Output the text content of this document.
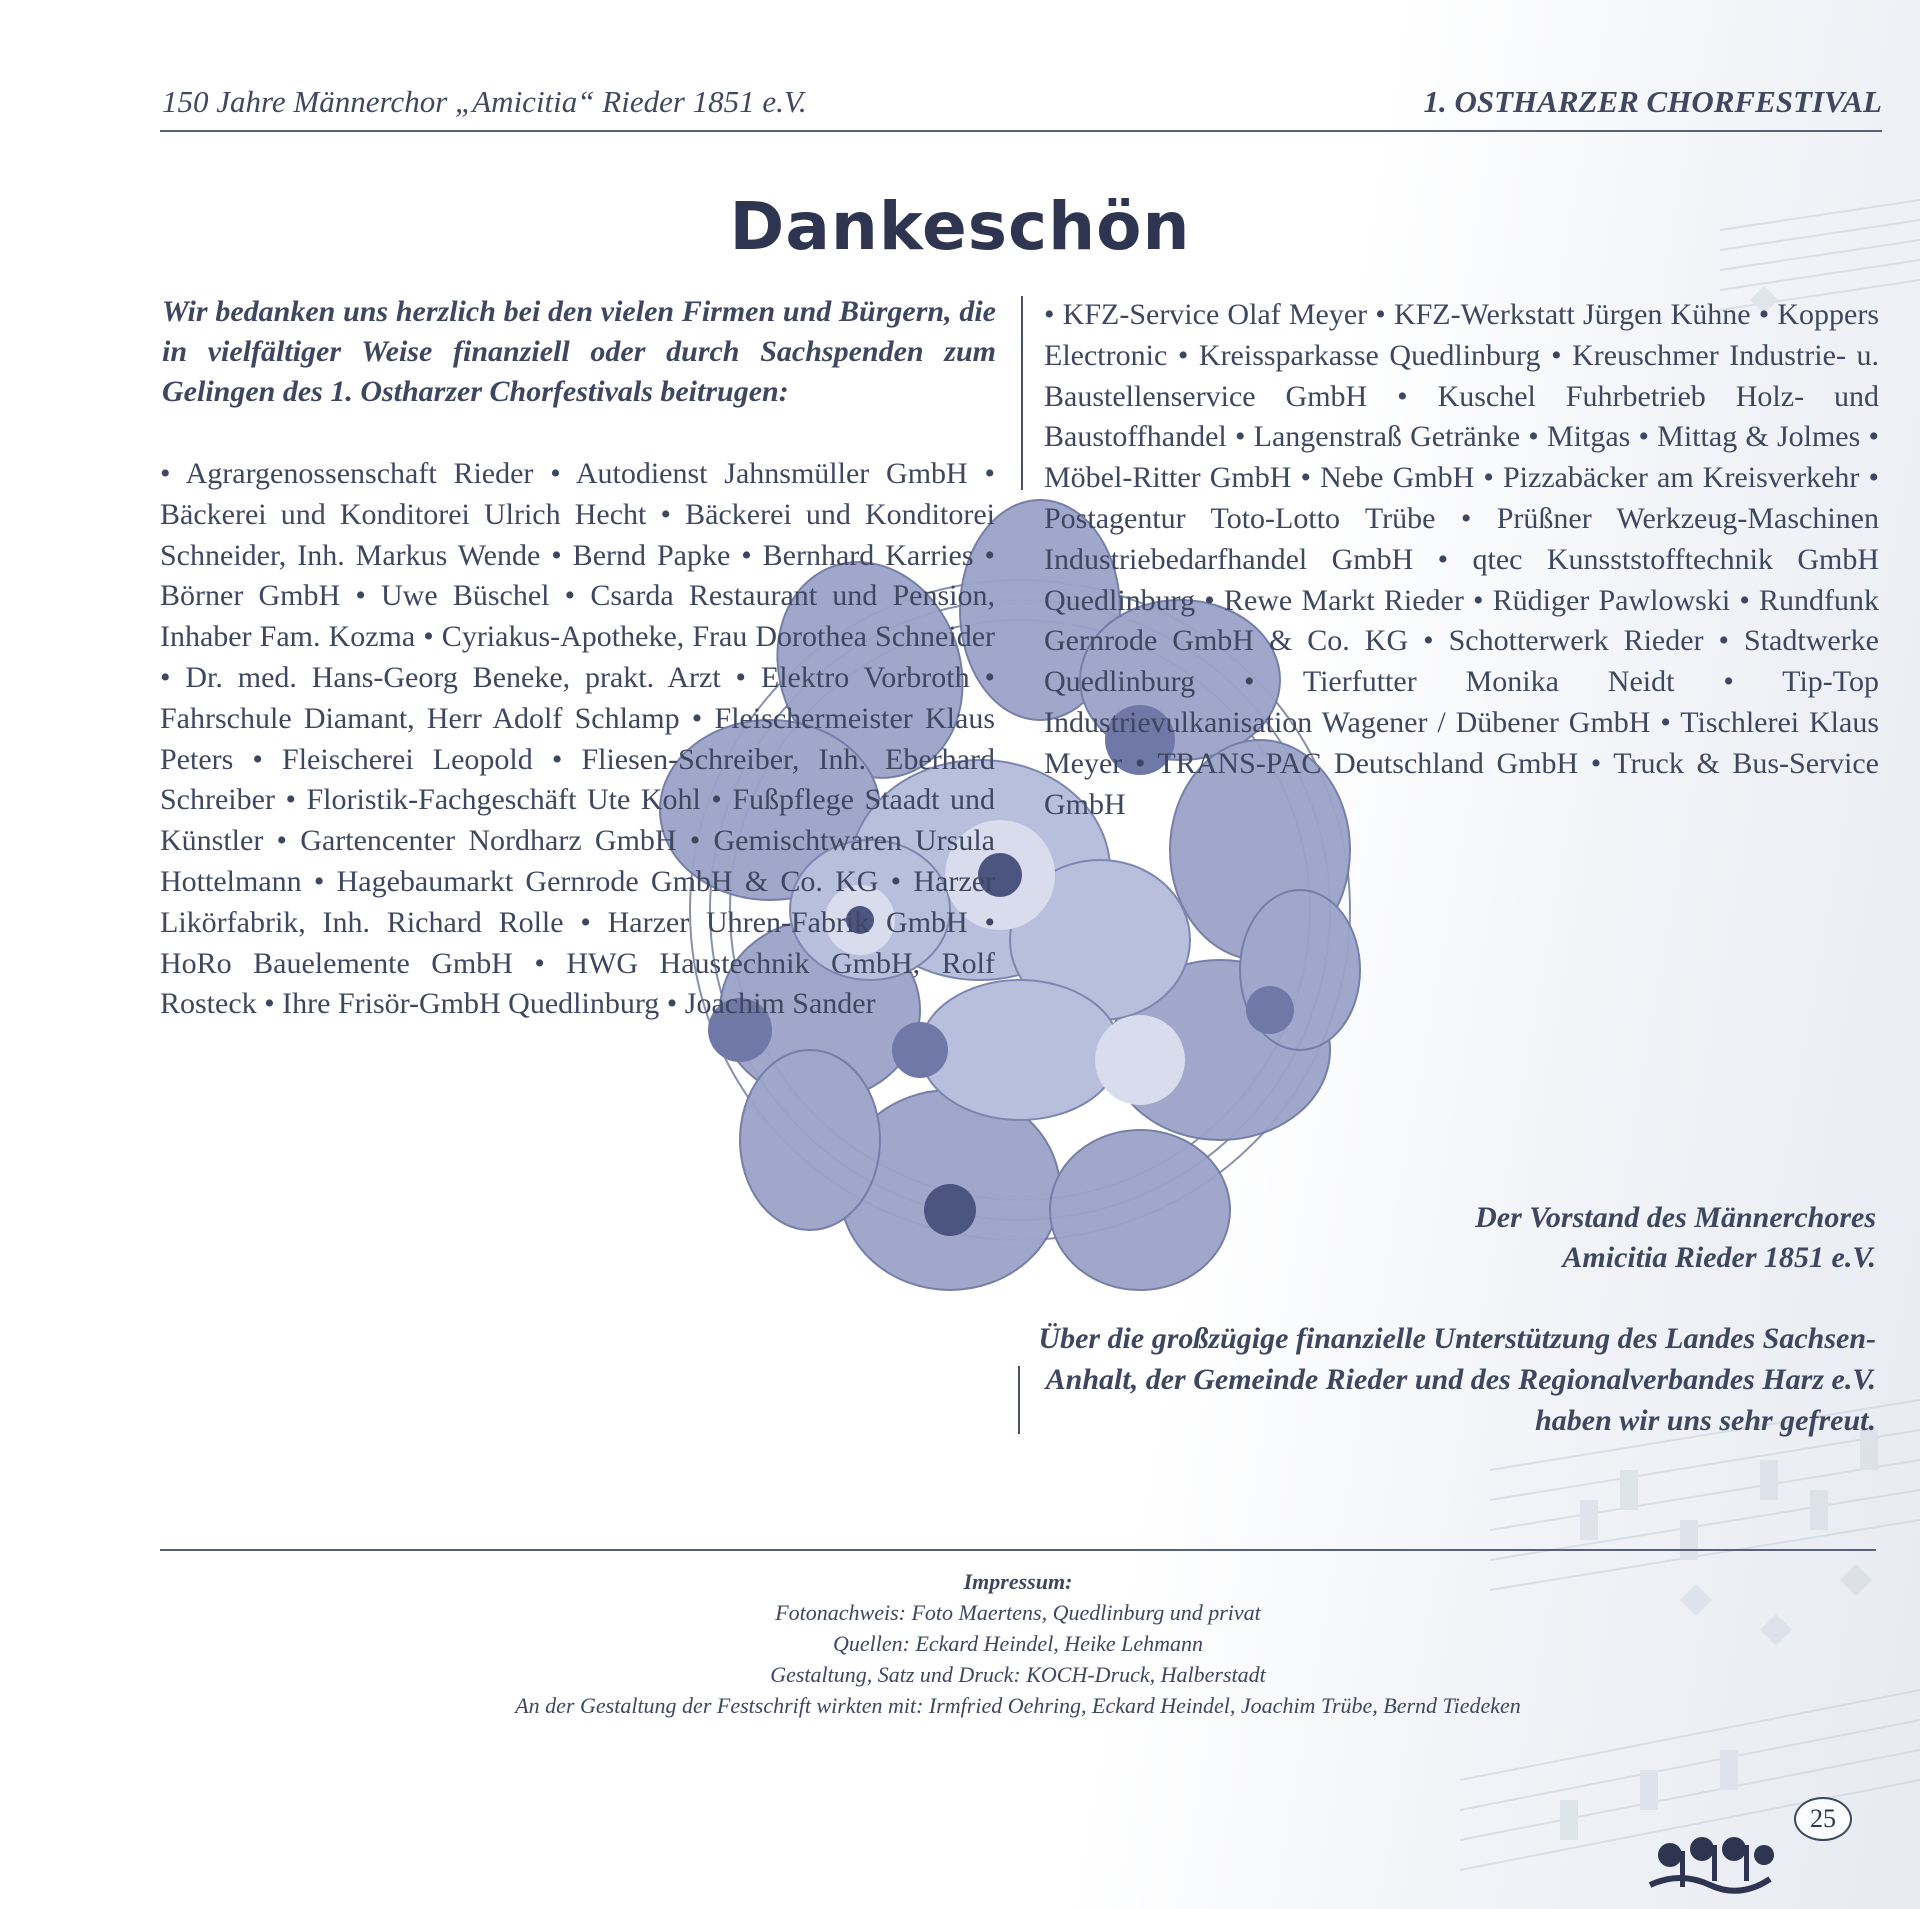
150 Jahre Männerchor „Amicitia“ Rieder 1851 e.V.	1. OSTHARZER CHORFESTIVAL
Dankeschön
Wir bedanken uns herzlich bei den vielen Firmen und Bürgern, die in vielfältiger Weise finanziell oder durch Sachspenden zum Gelingen des 1. Ostharzer Chorfestivals beitrugen:
• Agrargenossenschaft Rieder • Autodienst Jahnsmüller GmbH • Bäckerei und Konditorei Ulrich Hecht • Bäckerei und Konditorei Schneider, Inh. Markus Wende • Bernd Papke • Bernhard Karries • Börner GmbH • Uwe Büschel • Csarda Restaurant und Pension, Inhaber Fam. Kozma • Cyriakus-Apotheke, Frau Dorothea Schneider • Dr. med. Hans-Georg Beneke, prakt. Arzt • Elektro Vorbroth • Fahrschule Diamant, Herr Adolf Schlamp • Fleischermeister Klaus Peters • Fleischerei Leopold • Fliesen-Schreiber, Inh. Eberhard Schreiber • Floristik-Fachgeschäft Ute Kohl • Fußpflege Staadt und Künstler • Gartencenter Nordharz GmbH • Gemischtwaren Ursula Hottelmann • Hagebaumarkt Gernrode GmbH & Co. KG • Harzer Likörfabrik, Inh. Richard Rolle • Harzer Uhren-Fabrik GmbH • HoRo Bauelemente GmbH • HWG Haustechnik GmbH, Rolf Rosteck • Ihre Frisör-GmbH Quedlinburg • Joachim Sander
• KFZ-Service Olaf Meyer • KFZ-Werkstatt Jürgen Kühne • Koppers Electronic • Kreissparkasse Quedlinburg • Kreuschmer Industrie- u. Baustellenservice GmbH • Kuschel Fuhrbetrieb Holz- und Baustoffhandel • Langenstraß Getränke • Mitgas • Mittag & Jolmes • Möbel-Ritter GmbH • Nebe GmbH • Pizzabäcker am Kreisverkehr • Postagentur Toto-Lotto Trübe • Prüßner Werkzeug-Maschinen Industriebedarfhandel GmbH • qtec Kunsststofftechnik GmbH Quedlinburg • Rewe Markt Rieder • Rüdiger Pawlowski • Rundfunk Gernrode GmbH & Co. KG • Schotterwerk Rieder • Stadtwerke Quedlinburg • Tierfutter Monika Neidt • Tip-Top Industrievulkanisation Wagener / Dübener GmbH • Tischlerei Klaus Meyer • TRANS-PAC Deutschland GmbH • Truck & Bus-Service GmbH
Der Vorstand des Männerchores
Amicitia Rieder 1851 e.V.
Über die großzügige finanzielle Unterstützung des Landes Sachsen-Anhalt, der Gemeinde Rieder und des Regionalverbandes Harz e.V. haben wir uns sehr gefreut.
Impressum:
Fotonachweis: Foto Maertens, Quedlinburg und privat
Quellen: Eckard Heindel, Heike Lehmann
Gestaltung, Satz und Druck: KOCH-Druck, Halberstadt
An der Gestaltung der Festschrift wirkten mit: Irmfried Oehring, Eckard Heindel, Joachim Trübe, Bernd Tiedeken
25
